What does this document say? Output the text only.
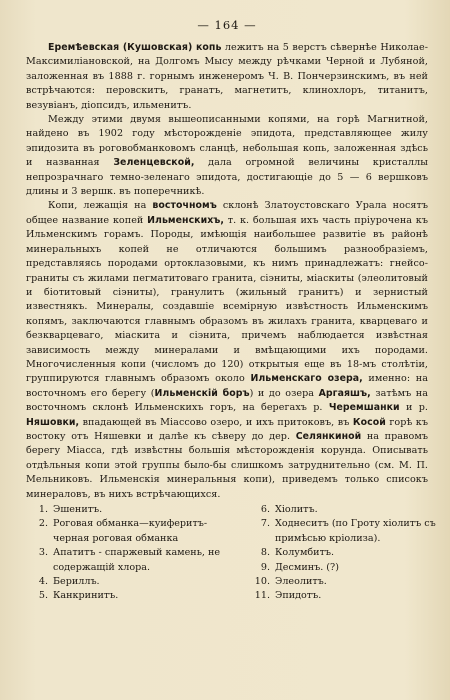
— 164 —

Еремѣевская (Кушовская) копь лежитъ на 5 верстъ сѣвернѣе Николае-Максимиліановской, на Долгомъ Мысу между рѣчками Черной и Лубяной, заложенная въ 1888 г. горнымъ инженеромъ Ч. В. Пончерзинскимъ, въ ней встрѣчаются: перовскитъ, гранатъ, магнетитъ, клинохлоръ, титанитъ, везувіанъ, діопсидъ, ильменитъ.

Между этими двумя вышеописанными копями, на горѣ Магнитной, найдено въ 1902 году мѣсторожденіе эпидота, представляющее жилу эпидозита въ роговобманковомъ сланцѣ, небольшая копь, заложенная здѣсь и названная Зеленцевской, дала огромной величины кристаллы непрозрачнаго темно-зеленаго эпидота, достигающіе до 5 — 6 вершковъ длины и 3 вершк. въ поперечникѣ.

Копи, лежащія на восточномъ склонѣ Златоустовскаго Урала носятъ общее название копей Ильменскихъ, т. к. большая ихъ часть пріурочена къ Ильменскимъ горамъ. Породы, имѣющія наибольшее развитіе въ районѣ минеральныхъ копей не отличаются большимъ разнообразіемъ, представляясь породами ортоклазовыми, къ нимъ принадлежатъ: гнейсо-граниты съ жилами пегматитоваго гранита, сіэниты, міаскиты (элеолитовый и біотитовый сіэниты), гранулитъ (жильный гранитъ) и зернистый известнякъ. Минералы, создавшіе всемірную извѣстность Ильменскимъ копямъ, заключаются главнымъ образомъ въ жилахъ гранита, кварцеваго и безкварцеваго, міаскита и сіэнита, причемъ наблюдается извѣстная зависимость между минералами и вмѣщающими ихъ породами. Многочисленныя копи (числомъ до 120) открытыя еще въ 18-мъ столѣтіи, группируются главнымъ образомъ около Ильменскаго озера, именно: на восточномъ его берегу (Ильменскій боръ) и до озера Аргаяшъ, затѣмъ на восточномъ склонѣ Ильменскихъ горъ, на берегахъ р. Черемшанки и р. Няшовки, впадающей въ Міассово озеро, и ихъ притоковъ, въ Косой горѣ къ востоку отъ Няшевки и далѣе къ сѣверу до дер. Селянкиной на правомъ берегу Міасса, гдѣ извѣстны большія мѣсторожденія корунда. Описывать отдѣльныя копи этой группы было-бы слишкомъ затруднительно (см. М. П. Мельниковъ. Ильменскія минеральныя копи), приведемъ только списокъ минераловъ, въ нихъ встрѣчающихся.

1. Эшенитъ.
2. Роговая обманка—куиферитъ-черная роговая обманка
3. Апатитъ - спаржевый камень, не содержащій хлора.
4. Бериллъ.
5. Канкринитъ.
6. Хіолитъ.
7. Ходнеситъ (по Гроту хіолитъ съ примѣсью кріолиза).
8. Колумбитъ.
9. Десминъ. (?)
10. Элеолитъ.
11. Эпидотъ.
